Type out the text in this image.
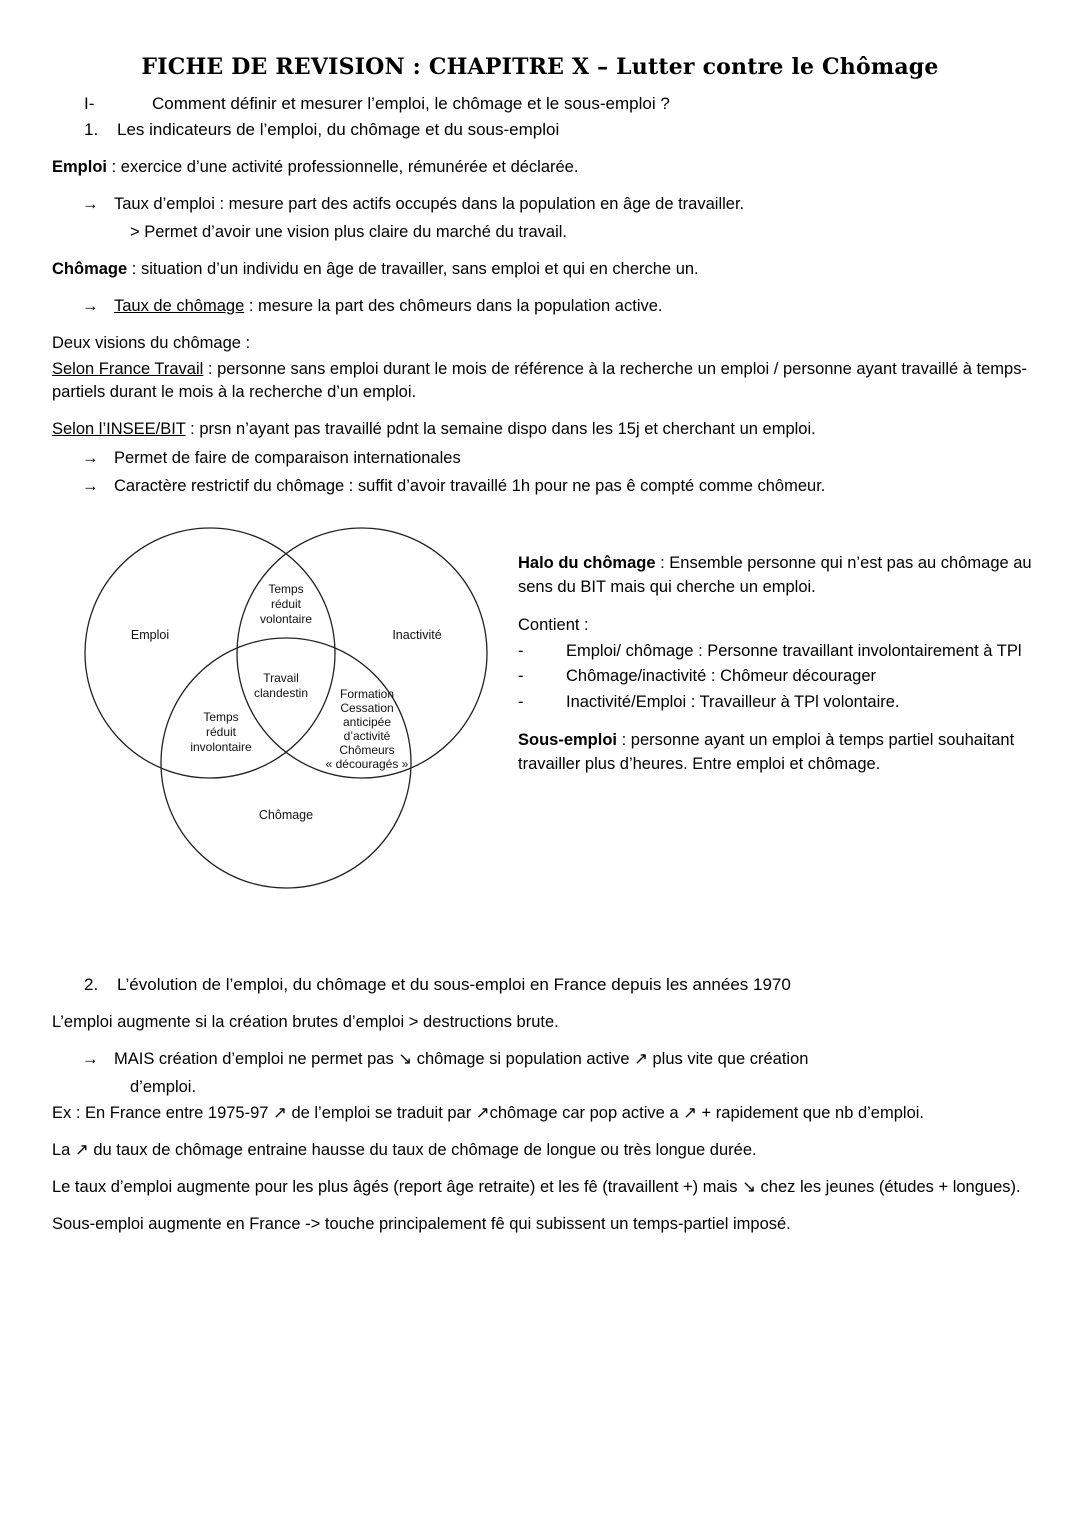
FICHE DE REVISION : CHAPITRE X – Lutter contre le Chômage
I-	Comment définir et mesurer l’emploi, le chômage et le sous-emploi ?
1. Les indicateurs de l’emploi, du chômage et du sous-emploi

Emploi : exercice d’une activité professionnelle, rémunérée et déclarée.

→ Taux d’emploi : mesure part des actifs occupés dans la population en âge de travailler.

> Permet d’avoir une vision plus claire du marché du travail.

Chômage : situation d’un individu en âge de travailler, sans emploi et qui en cherche un.

→ Taux de chômage : mesure la part des chômeurs dans la population active.

Deux visions du chômage :

Selon France Travail : personne sans emploi durant le mois de référence à la recherche un emploi / personne ayant travaillé à temps-partiels durant le mois à la recherche d’un emploi.

Selon l’INSEE/BIT : prsn n’ayant pas travaillé pdnt la semaine dispo dans les 15j et cherchant un emploi.

→ Permet de faire de comparaison internationales
→ Caractère restrictif du chômage : suffit d’avoir travaillé 1h pour ne pas ê compté comme chômeur.
Emploi	Inactivité
Chômage
Temps
réduit
volontaire
Temps
réduit
involontaire
Travail
clandestin	Formation
Cessation
anticipée
d’activité
Chômeurs
« découragés »

Halo du chômage : Ensemble personne qui n’est pas au chômage au sens du BIT mais qui cherche un emploi.

Contient :

-	Emploi/ chômage : Personne travaillant involontairement à TPl
-	Chômage/inactivité : Chômeur décourager
-	Inactivité/Emploi : Travailleur à TPl volontaire.

Sous-emploi : personne ayant un emploi à temps partiel souhaitant travailler plus d’heures. Entre emploi et chômage.

2. L’évolution de l’emploi, du chômage et du sous-emploi en France depuis les années 1970

L’emploi augmente si la création brutes d’emploi > destructions brute.

→ MAIS création d’emploi ne permet pas ↘ chômage si population active ↗ plus vite que création

d’emploi.

Ex : En France entre 1975-97 ↗ de l’emploi se traduit par ↗chômage car pop active a ↗ + rapidement que nb d’emploi.

La ↗ du taux de chômage entraine hausse du taux de chômage de longue ou très longue durée.

Le taux d’emploi augmente pour les plus âgés (report âge retraite) et les fê (travaillent +) mais ↘ chez les jeunes (études + longues).

Sous-emploi augmente en France -> touche principalement fê qui subissent un temps-partiel imposé.
